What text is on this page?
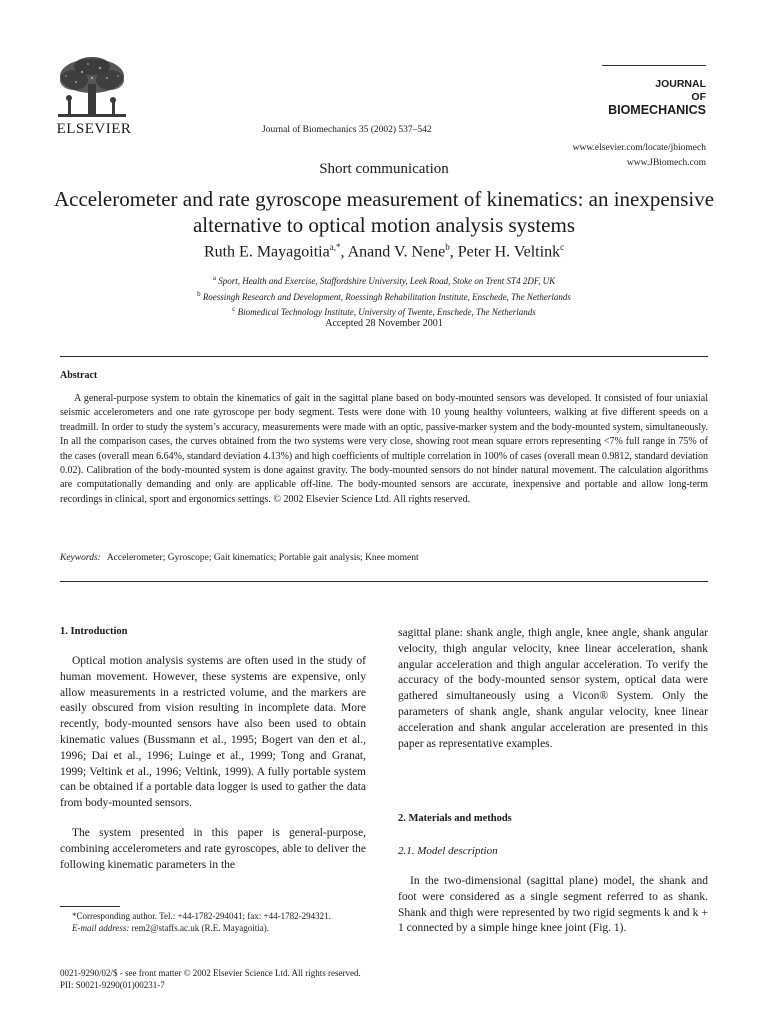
ELSEVIER	Journal of Biomechanics 35 (2002) 537–542
JOURNAL
OF
BIOMECHANICS
www.elsevier.com/locate/jbiomech
www.JBiomech.com
Short communication
Accelerometer and rate gyroscope measurement of kinematics: an inexpensive alternative to optical motion analysis systems
Ruth E. Mayagoitia$^{a,*}$, Anand V. Nene$^b$, Peter H. Veltink$^c$
$^a$ Sport, Health and Exercise, Staffordshire University, Leek Road, Stoke on Trent ST4 2DF, UK
$^b$ Roessingh Research and Development, Roessingh Rehabilitation Institute, Enschede, The Netherlands
$^c$ Biomedical Technology Institute, University of Twente, Enschede, The Netherlands
Accepted 28 November 2001
Abstract
A general-purpose system to obtain the kinematics of gait in the sagittal plane based on body-mounted sensors was developed. It consisted of four uniaxial seismic accelerometers and one rate gyroscope per body segment. Tests were done with 10 young healthy volunteers, walking at five different speeds on a treadmill. In order to study the system’s accuracy, measurements were made with an optic, passive-marker system and the body-mounted system, simultaneously. In all the comparison cases, the curves obtained from the two systems were very close, showing root mean square errors representing <7% full range in 75% of the cases (overall mean 6.64%, standard deviation 4.13%) and high coefficients of multiple correlation in 100% of cases (overall mean 0.9812, standard deviation 0.02). Calibration of the body-mounted system is done against gravity. The body-mounted sensors do not hinder natural movement. The calculation algorithms are computationally demanding and only are applicable off-line. The body-mounted sensors are accurate, inexpensive and portable and allow long-term recordings in clinical, sport and ergonomics settings. © 2002 Elsevier Science Ltd. All rights reserved.
Keywords: Accelerometer; Gyroscope; Gait kinematics; Portable gait analysis; Knee moment
1. Introduction
Optical motion analysis systems are often used in the study of human movement. However, these systems are expensive, only allow measurements in a restricted volume, and the markers are easily obscured from vision resulting in incomplete data. More recently, body-mounted sensors have also been used to obtain kinematic values (Bussmann et al., 1995; Bogert van den et al., 1996; Dai et al., 1996; Luinge et al., 1999; Tong and Granat, 1999; Veltink et al., 1996; Veltink, 1999). A fully portable system can be obtained if a portable data logger is used to gather the data from body-mounted sensors.
The system presented in this paper is general-purpose, combining accelerometers and rate gyroscopes, able to deliver the following kinematic parameters in the
*Corresponding author. Tel.: +44-1782-294041; fax: +44-1782-294321.
E-mail address: rem2@staffs.ac.uk (R.E. Mayagoitia).
sagittal plane: shank angle, thigh angle, knee angle, shank angular velocity, thigh angular velocity, knee linear acceleration, shank angular acceleration and thigh angular acceleration. To verify the accuracy of the body-mounted sensor system, optical data were gathered simultaneously using a Vicon® System. Only the parameters of shank angle, shank angular velocity, knee linear acceleration and shank angular acceleration are presented in this paper as representative examples.
2. Materials and methods
2.1. Model description
In the two-dimensional (sagittal plane) model, the shank and foot were considered as a single segment referred to as shank. Shank and thigh were represented by two rigid segments k and k + 1 connected by a simple hinge knee joint (Fig. 1).
0021-9290/02/$ - see front matter © 2002 Elsevier Science Ltd. All rights reserved.
PII: S0021-9290(01)00231-7
